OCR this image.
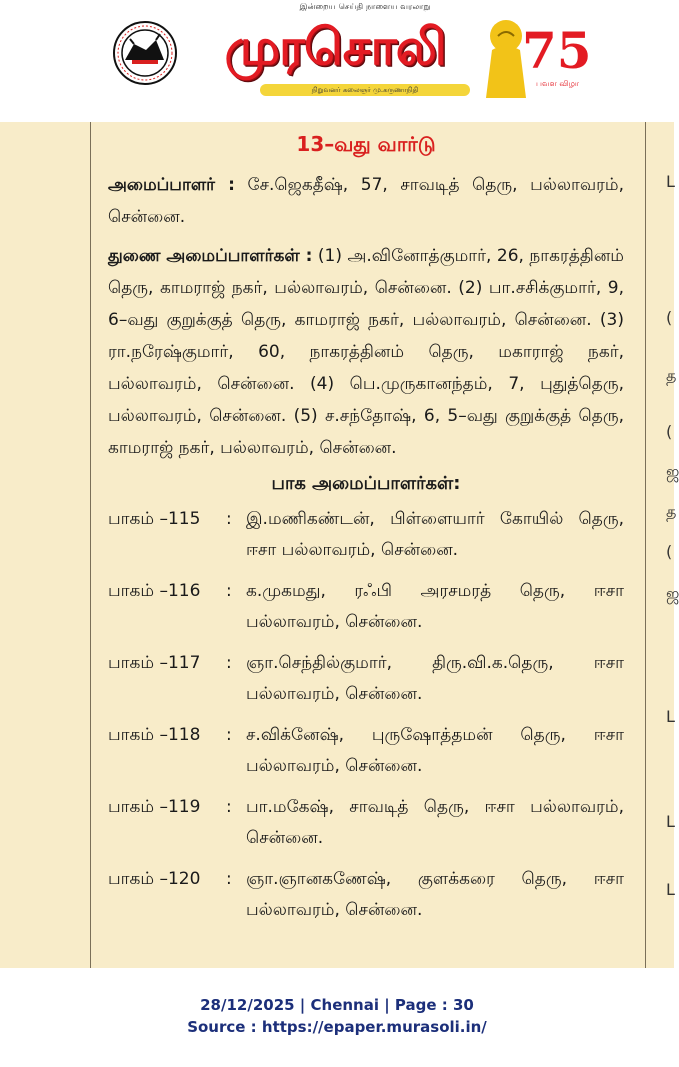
இன்றைய செய்தி நாளைய வரலாறு
முரசொலி
நிறுவனர் கலைஞர் மு.கருணாநிதி
75
பவள விழா
L
(
த
(
ஜ
த
(
ஜ
L
L
L
13–வது வார்டு

அமைப்பாளர் : சே.ஜெகதீஷ், 57, சாவடித் தெரு, பல்லாவரம், சென்னை.

துணை அமைப்பாளர்கள் : (1) அ.வினோத்குமார், 26, நாகரத்தினம் தெரு, காமராஜ் நகர், பல்லாவரம், சென்னை. (2) பா.சசிக்குமார், 9, 6–வது குறுக்குத் தெரு, காமராஜ் நகர், பல்லாவரம், சென்னை. (3) ரா.நரேஷ்குமார், 60, நாகரத்தினம் தெரு, மகாராஜ் நகர், பல்லாவரம், சென்னை. (4) பெ.முருகானந்தம், 7, புதுத்தெரு, பல்லாவரம், சென்னை. (5) ச.சந்தோஷ், 6, 5–வது குறுக்குத் தெரு, காமராஜ் நகர், பல்லாவரம், சென்னை.

பாக அமைப்பாளர்கள்:
பாகம் –115	: இ.மணிகண்டன், பிள்ளையார் கோயில் தெரு, ஈசா பல்லாவரம், சென்னை.
பாகம் –116	: க.முகமது, ரஃபி அரசமரத் தெரு, ஈசா பல்லாவரம், சென்னை.
பாகம் –117	: ஞா.செந்தில்குமார், திரு.வி.க.தெரு, ஈசா பல்லாவரம், சென்னை.
பாகம் –118	: ச.விக்னேஷ், புருஷோத்தமன் தெரு, ஈசா பல்லாவரம், சென்னை.
பாகம் –119	: பா.மகேஷ், சாவடித் தெரு, ஈசா பல்லாவரம், சென்னை.
பாகம் –120	: ஞா.ஞானகணேஷ், குளக்கரை தெரு, ஈசா பல்லாவரம், சென்னை.
28/12/2025 | Chennai | Page : 30
Source : https://epaper.murasoli.in/
